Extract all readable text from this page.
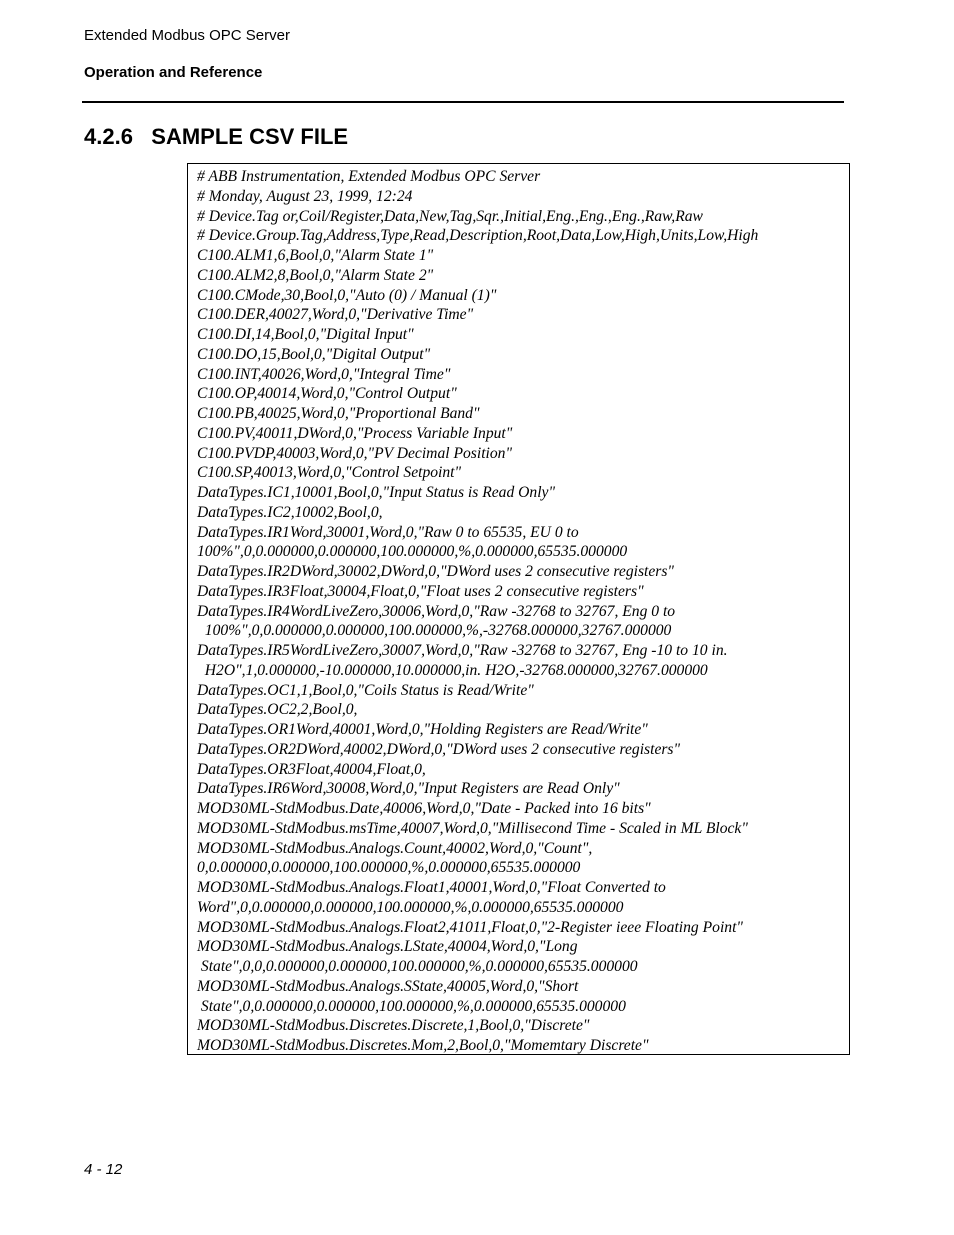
Extended Modbus OPC Server
Operation and Reference
4.2.6 SAMPLE CSV FILE
# ABB Instrumentation, Extended Modbus OPC Server
# Monday, August 23, 1999, 12:24
# Device.Tag or,Coil/Register,Data,New,Tag,Sqr.,Initial,Eng.,Eng.,Eng.,Raw,Raw
# Device.Group.Tag,Address,Type,Read,Description,Root,Data,Low,High,Units,Low,High
C100.ALM1,6,Bool,0,"Alarm State 1"
C100.ALM2,8,Bool,0,"Alarm State 2"
C100.CMode,30,Bool,0,"Auto (0) / Manual (1)"
C100.DER,40027,Word,0,"Derivative Time"
C100.DI,14,Bool,0,"Digital Input"
C100.DO,15,Bool,0,"Digital Output"
C100.INT,40026,Word,0,"Integral Time"
C100.OP,40014,Word,0,"Control Output"
C100.PB,40025,Word,0,"Proportional Band"
C100.PV,40011,DWord,0,"Process Variable Input"
C100.PVDP,40003,Word,0,"PV Decimal Position"
C100.SP,40013,Word,0,"Control Setpoint"
DataTypes.IC1,10001,Bool,0,"Input Status is Read Only"
DataTypes.IC2,10002,Bool,0,
DataTypes.IR1Word,30001,Word,0,"Raw 0 to 65535, EU 0 to
100%",0,0.000000,0.000000,100.000000,%,0.000000,65535.000000
DataTypes.IR2DWord,30002,DWord,0,"DWord uses 2 consecutive registers"
DataTypes.IR3Float,30004,Float,0,"Float uses 2 consecutive registers"
DataTypes.IR4WordLiveZero,30006,Word,0,"Raw -32768 to 32767, Eng 0 to
100%",0,0.000000,0.000000,100.000000,%,-32768.000000,32767.000000
DataTypes.IR5WordLiveZero,30007,Word,0,"Raw -32768 to 32767, Eng -10 to 10 in.
H2O",1,0.000000,-10.000000,10.000000,in. H2O,-32768.000000,32767.000000
DataTypes.OC1,1,Bool,0,"Coils Status is Read/Write"
DataTypes.OC2,2,Bool,0,
DataTypes.OR1Word,40001,Word,0,"Holding Registers are Read/Write"
DataTypes.OR2DWord,40002,DWord,0,"DWord uses 2 consecutive registers"
DataTypes.OR3Float,40004,Float,0,
DataTypes.IR6Word,30008,Word,0,"Input Registers are Read Only"
MOD30ML-StdModbus.Date,40006,Word,0,"Date - Packed into 16 bits"
MOD30ML-StdModbus.msTime,40007,Word,0,"Millisecond Time - Scaled in ML Block"
MOD30ML-StdModbus.Analogs.Count,40002,Word,0,"Count",
0,0.000000,0.000000,100.000000,%,0.000000,65535.000000
MOD30ML-StdModbus.Analogs.Float1,40001,Word,0,"Float Converted to
Word",0,0.000000,0.000000,100.000000,%,0.000000,65535.000000
MOD30ML-StdModbus.Analogs.Float2,41011,Float,0,"2-Register ieee Floating Point"
MOD30ML-StdModbus.Analogs.LState,40004,Word,0,"Long
State",0,0,0.000000,0.000000,100.000000,%,0.000000,65535.000000
MOD30ML-StdModbus.Analogs.SState,40005,Word,0,"Short
State",0,0.000000,0.000000,100.000000,%,0.000000,65535.000000
MOD30ML-StdModbus.Discretes.Discrete,1,Bool,0,"Discrete"
MOD30ML-StdModbus.Discretes.Mom,2,Bool,0,"Momemtary Discrete"
4 - 12
